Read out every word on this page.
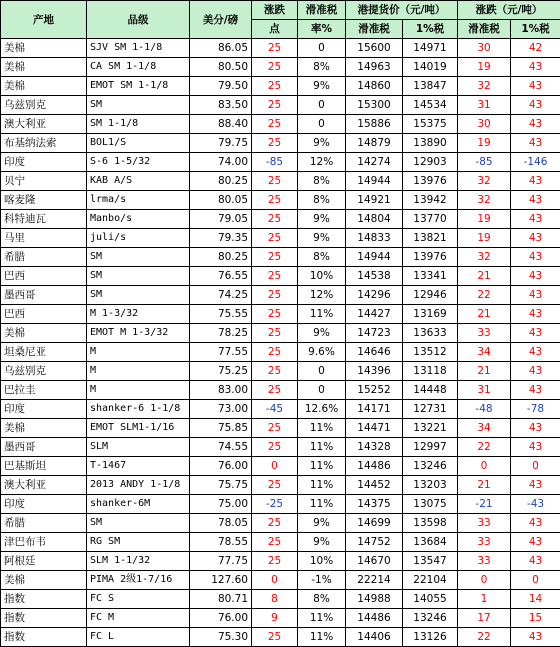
产地	品级	美分/磅	涨跌	滑准税	港提货价（元/吨）		涨跌（元/吨）	
			点	率%	滑准税	1%税	滑准税	1%税
美棉	SJV SM 1-1/8	86.05	25	0	15600	14971	30	42
美棉	CA SM 1-1/8	80.50	25	8%	14963	14019	19	43
美棉	EMOT SM 1-1/8	79.50	25	9%	14860	13847	32	43
乌兹别克	SM	83.50	25	0	15300	14534	31	43
澳大利亚	SM 1-1/8	88.40	25	0	15886	15375	30	43
布基纳法索	BOL1/S	79.75	25	9%	14879	13890	19	43
印度	S-6 1-5/32	74.00	-85	12%	14274	12903	-85	-146
贝宁	KAB A/S	80.25	25	8%	14944	13976	32	43
喀麦隆	lrma/s	80.05	25	8%	14921	13942	32	43
科特迪瓦	Manbo/s	79.05	25	9%	14804	13770	19	43
马里	juli/s	79.35	25	9%	14833	13821	19	43
希腊	SM	80.25	25	8%	14944	13976	32	43
巴西	SM	76.55	25	10%	14538	13341	21	43
墨西哥	SM	74.25	25	12%	14296	12946	22	43
巴西	M 1-3/32	75.55	25	11%	14427	13169	21	43
美棉	EMOT M 1-3/32	78.25	25	9%	14723	13633	33	43
坦桑尼亚	M	77.55	25	9.6%	14646	13512	34	43
乌兹别克	M	75.25	25	0	14396	13118	21	43
巴拉圭	M	83.00	25	0	15252	14448	31	43
印度	shanker-6 1-1/8	73.00	-45	12.6%	14171	12731	-48	-78
美棉	EMOT SLM1-1/16	75.85	25	11%	14471	13221	34	43
墨西哥	SLM	74.55	25	11%	14328	12997	22	43
巴基斯坦	T-1467	76.00	0	11%	14486	13246	0	0
澳大利亚	2013 ANDY 1-1/8	75.75	25	11%	14452	13203	21	43
印度	shanker-6M	75.00	-25	11%	14375	13075	-21	-43
希腊	SM	78.05	25	9%	14699	13598	33	43
津巴布韦	RG SM	78.55	25	9%	14752	13684	33	43
阿根廷	SLM 1-1/32	77.75	25	10%	14670	13547	33	43
美棉	PIMA 2级1-7/16	127.60	0	-1%	22214	22104	0	0
指数	FC S	80.71	8	8%	14988	14055	1	14
指数	FC M	76.00	9	11%	14486	13246	17	15
指数	FC L	75.30	25	11%	14406	13126	22	43
